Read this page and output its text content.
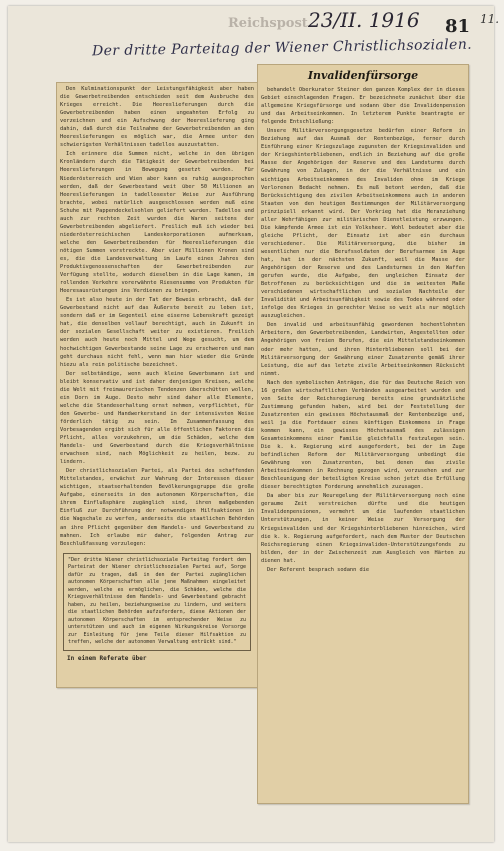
Reichspost 23/II. 1916 81 11.
Der dritte Parteitag der Wiener Christlichsozialen.

Den Kulminationspunkt der Leistungsfähigkeit aber haben die Gewerbetreibenden entschieden seit dem Ausbruche des Krieges erreicht. Die Heereslieferungen durch die Gewerbetreibenden haben einen ungeahnten Erfolg zu verzeichnen und ein Aufschwung der Heereslieferung ging dahin, daß durch die Teilnahme der Gewerbetreibenden an den Heereslieferungen es möglich war, die Armee unter den schwierigsten Verhältnissen tadellos auszustatten.

Ich erinnere die Summen nicht, welche in den übrigen Kronländern durch die Tätigkeit der Gewerbetreibenden bei Heereslieferungen in Bewegung gesetzt wurden. Für Niederösterreich und Wien aber kann es ruhig ausgesprochen werden, daß der Gewerbestand weit über 50 Millionen an Heereslieferungen in tadellosester Weise zur Ausführung brachte, wobei natürlich ausgeschlossen werden muß eine Schuhe mit Pappendeckelsohlen geliefert wurden. Tadellos und auch zur rechten Zeit wurden die Waren seitens der Gewerbetreibenden abgeliefert. Freilich muß ich wieder bei niederösterreichischen Landeskorporationen aufmerksam, welche den Gewerbetreibenden für Heereslieferungen die nötigen Summen vorstreckte. Aber vier Millionen Kronen sind es, die die Landesverwaltung im Laufe eines Jahres den Produktivgenossenschaften der Gewerbetreibenden zur Verfügung stellte, wodurch dieselben in die Lage kamen, im rollenden Verkehre vorerwähnte Riesensumme von Produkten für Heeresausrüstungen ins Verdienen zu bringen.

Es ist also heute in der Tat der Beweis erbracht, daß der Gewerbestand nicht auf das Äußerste bereit zu leben ist, sondern daß er im Gegenteil eine eiserne Lebenskraft gezeigt hat, die denselben vollauf berechtigt, auch in Zukunft in der sozialen Gesellschaft weiter zu existieren. Freilich werden auch heute noch Mittel und Wege gesucht, um dem hochwichtigen Gewerbestande seine Lage zu erschweren und man geht durchaus nicht fehl, wenn man hier wieder die Gründe hiezu als rein politische bezeichnet.

Der selbständige, wenn auch kleine Gewerbsmann ist und bleibt konservativ und ist daher denjenigen Kreisen, welche die Welt mit freimaurerischen Tendenzen überschütten wollen, ein Dorn im Auge. Desto mehr sind daher alle Elemente, welche die Standeserhaltung ernst nehmen, verpflichtet, für den Gewerbe- und Handwerkerstand in der intensivsten Weise förderlich tätig zu sein. Im Zusammenfassung des Vorbesagenden ergibt sich für alle öffentlichen Faktoren die Pflicht, alles vorzukehren, um die Schäden, welche dem Handels- und Gewerbestand durch die Kriegsverhältnisse erwachsen sind, nach Möglichkeit zu heilen, bezw. zu lindern.

Der christlichsozialen Partei, als Partei des schaffenden Mittelstandes, erwächst zur Wahrung der Interessen dieser wichtigen, staatserhaltenden Bevölkerungsgruppe die große Aufgabe, einerseits in den autonomen Körperschaften, die ihrem Einflußsphäre zugänglich sind, ihren maßgebenden Einfluß zur Durchführung der notwendigen Hilfsaktionen in die Wagschale zu werfen, anderseits die staatlichen Behörden an ihre Pflicht gegenüber dem Handels- und Gewerbestand zu mahnen. Ich erlaube mir daher, folgenden Antrag zur Beschlußfassung vorzulegen:

"Der dritte Wiener christlichsoziale Parteitag fordert den Parteirat der Wiener christlichsozialen Partei auf, Sorge dafür zu tragen, daß in den der Partei zugänglichen autonomen Körperschaften alle jene Maßnahmen eingeleitet werden, welche es ermöglichen, die Schäden, welche die Kriegsverhältnisse dem Handels- und Gewerbestand gebracht haben, zu heilen, beziehungsweise zu lindern, und weiters die staatlichen Behörden aufzufordern, diese Aktionen der autonomen Körperschaften im entsprechender Weise zu unterstützen und auch im eigenen Wirkungskreise Vorsorge zur Einleitung für jene Teile dieser Hilfsaktion zu treffen, welche der autonomen Verwaltung entrückt sind."
In einem Referate über
Invalidenfürsorge

behandelt Oberkurator Steiner den ganzen Komplex der in dieses Gebiet einschlagenden Fragen. Er bezeichnete zunächst über die allgemeine Kriegsfürsorge und sodann über die Invalidenpension und das Arbeitseinkommen. In letzterem Punkte beantragte er folgende Entschließung:

Unsere Militärversorgungsgesetze bedürfen einer Reform in Beziehung auf das Ausmaß der Rentenbezüge, ferner durch Einführung einer Kriegszulage zugunsten der Kriegsinvaliden und der Kriegshinterbliebenen, endlich in Beziehung auf die große Masse der Angehörigen der Reserve und des Landsturms durch Gewährung von Zulagen, in der die Verhältnisse und ein wichtiges Arbeitseinkommen des Invaliden ohne im Kriege Verlorenen Bedacht nehmen. Es muß betont werden, daß die Berücksichtigung des zivilen Arbeitseinkommens auch in anderen Staaten von den heutigen Bestimmungen der Militärversorgung prinzipiell erkannt wird. Der Vorkrieg hat die Heranziehung aller Wehrfähigen zur militärischen Dienstleistung erzwungen. Die kämpfende Armee ist ein Volksheer. Wohl bedeutet aber die gleiche Pflicht, der Einsatz ist aber ein durchaus verschiedener. Die Militärversorgung, die bisher im wesentlichen nur die Berufssoldaten der Berufsarmee im Auge hat, hat in der nächsten Zukunft, weil die Masse der Angehörigen der Reserve und des Landsturmes in den Waffen gerufen wurde, die Aufgabe, den ungleichen Einsatz der Betroffenen zu berücksichtigen und die im weitesten Maße verschiedenen wirtschaftlichen und sozialen Nachteile der Invalidität und Arbeitsunfähigkeit sowie des Todes während oder infolge des Krieges in gerechter Weise so weit als nur möglich auszugleichen.

Den invalid und arbeitsunfähig gewordenen hochentlohnten Arbeitern, den Gewerbetreibenden, Landwirten, Angestellten oder Angehörigen von freien Berufen, die ein Mittelstandseinkommen oder mehr hatten, und ihren Hinterbliebenen soll bei der Militärversorgung der Gewährung einer Zusatzrente gemäß ihrer Leistung, die auf das letzte zivile Arbeitseinkommen Rücksicht nimmt.

Nach den symbolischen Anträgen, die für das Deutsche Reich von 16 großen wirtschaftlichen Verbänden ausgearbeitet wurden und von Seite der Reichsregierung bereits eine grundsätzliche Zustimmung gefunden haben, wird bei der Feststellung der Zusatzrenten ein gewisses Höchstausmaß der Rentenbezüge und, weil ja die Fortdauer eines künftigen Einkommens in Frage kommen kann, ein gewisses Höchstausmaß des zulässigen Gesamteinkommens einer Familie gleichfalls festzulegen sein. Die k. k. Regierung wird ausgefordert, bei der im Zuge befindlichen Reform der Militärversorgung unbedingt die Gewährung von Zusatzrenten, bei denen das zivile Arbeitseinkommen in Rechnung gezogen wird, vorzusehen und zur Beschleunigung der beteiligten Kreise schon jetzt die Erfüllung dieser berechtigten Forderung annehmlich zuzusagen.

Da aber bis zur Neuregelung der Militärversorgung noch eine geraume Zeit verstreichen dürfte und die heutigen Invalidenpensionen, vermehrt um die laufenden staatlichen Unterstützungen, in keiner Weise zur Versorgung der Kriegsinvaliden und der Kriegshinterbliebenen hinreichen, wird die k. k. Regierung aufgefordert, nach dem Muster der Deutschen Reichsregierung einen Kriegsinvaliden-Unterstützungsfonds zu bilden, der in der Zwischenzeit zum Ausgleich von Härten zu dienen hat.

Der Referent besprach sodann die
